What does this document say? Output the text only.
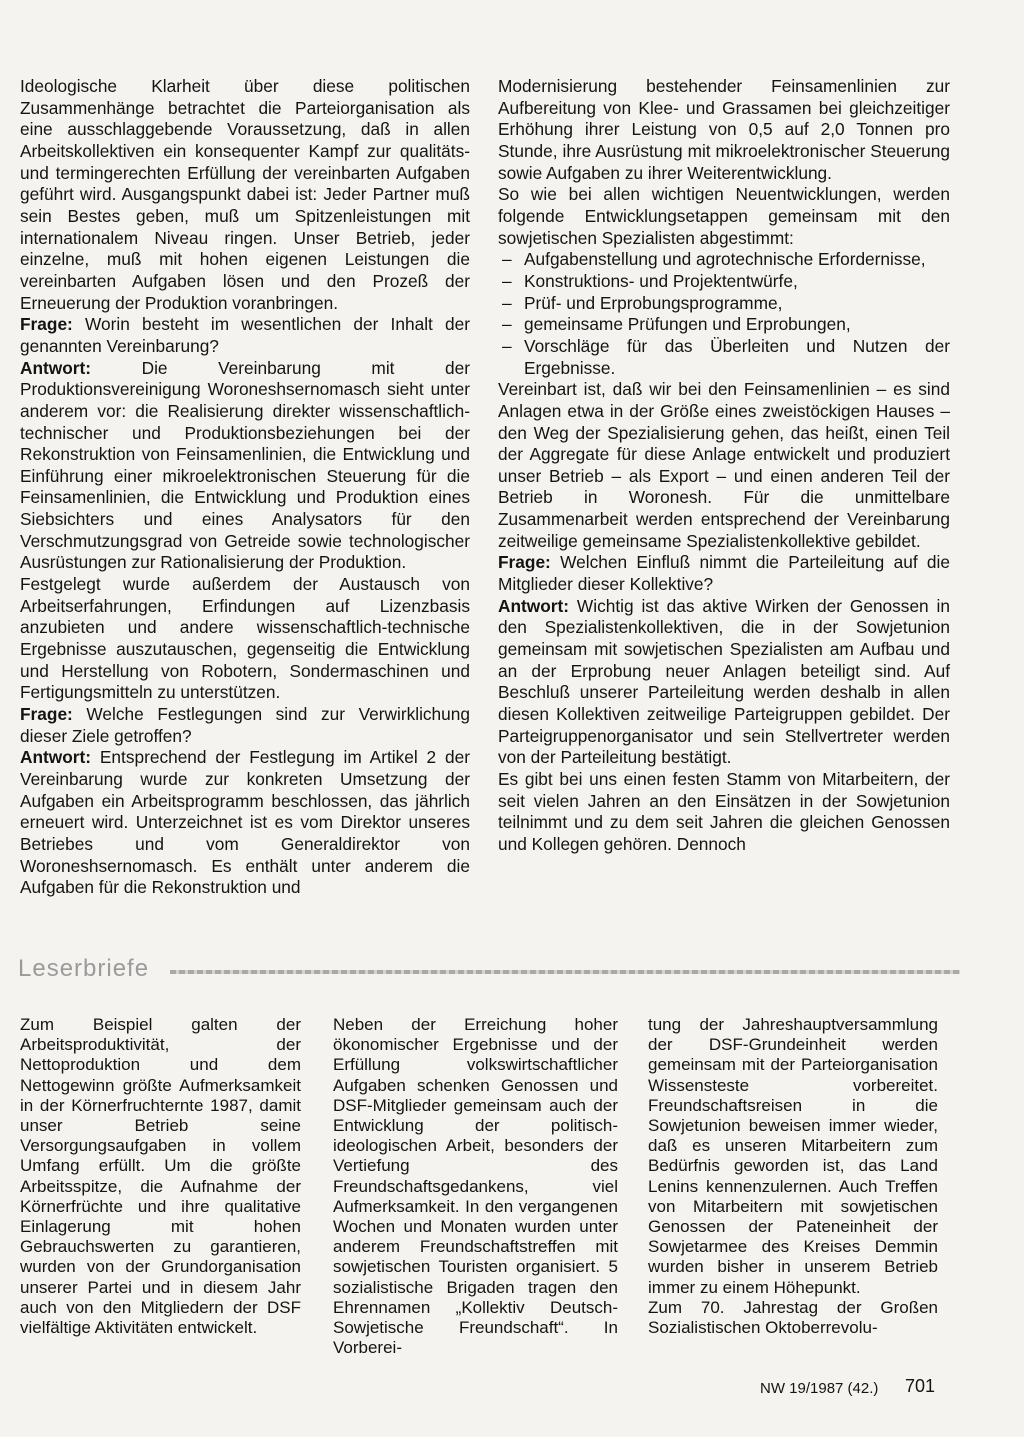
Ideologische Klarheit über diese politischen Zusammenhänge betrachtet die Parteiorganisation als eine ausschlaggebende Voraussetzung, daß in allen Arbeitskollektiven ein konsequenter Kampf zur qualitäts- und termingerechten Erfüllung der vereinbarten Aufgaben geführt wird. Ausgangspunkt dabei ist: Jeder Partner muß sein Bestes geben, muß um Spitzenleistungen mit internationalem Niveau ringen. Unser Betrieb, jeder einzelne, muß mit hohen eigenen Leistungen die vereinbarten Aufgaben lösen und den Prozeß der Erneuerung der Produktion voranbringen.

Frage: Worin besteht im wesentlichen der Inhalt der genannten Vereinbarung?

Antwort: Die Vereinbarung mit der Produktionsvereinigung Woroneshsernomasch sieht unter anderem vor: die Realisierung direkter wissenschaftlich-technischer und Produktionsbeziehungen bei der Rekonstruktion von Feinsamenlinien, die Entwicklung und Einführung einer mikroelektronischen Steuerung für die Feinsamenlinien, die Entwicklung und Produktion eines Siebsichters und eines Analysators für den Verschmutzungsgrad von Getreide sowie technologischer Ausrüstungen zur Rationalisierung der Produktion.

Festgelegt wurde außerdem der Austausch von Arbeitserfahrungen, Erfindungen auf Lizenzbasis anzubieten und andere wissenschaftlich-technische Ergebnisse auszutauschen, gegenseitig die Entwicklung und Herstellung von Robotern, Sondermaschinen und Fertigungsmitteln zu unterstützen.

Frage: Welche Festlegungen sind zur Verwirklichung dieser Ziele getroffen?

Antwort: Entsprechend der Festlegung im Artikel 2 der Vereinbarung wurde zur konkreten Umsetzung der Aufgaben ein Arbeitsprogramm beschlossen, das jährlich erneuert wird. Unterzeichnet ist es vom Direktor unseres Betriebes und vom Generaldirektor von Woroneshsernomasch. Es enthält unter anderem die Aufgaben für die Rekonstruktion und

Modernisierung bestehender Feinsamenlinien zur Aufbereitung von Klee- und Grassamen bei gleichzeitiger Erhöhung ihrer Leistung von 0,5 auf 2,0 Tonnen pro Stunde, ihre Ausrüstung mit mikroelektronischer Steuerung sowie Aufgaben zu ihrer Weiterentwicklung.

So wie bei allen wichtigen Neuentwicklungen, werden folgende Entwicklungsetappen gemeinsam mit den sowjetischen Spezialisten abgestimmt:

– Aufgabenstellung und agrotechnische Erfordernisse,
– Konstruktions- und Projektentwürfe,
– Prüf- und Erprobungsprogramme,
– gemeinsame Prüfungen und Erprobungen,
– Vorschläge für das Überleiten und Nutzen der Ergebnisse.

Vereinbart ist, daß wir bei den Feinsamenlinien – es sind Anlagen etwa in der Größe eines zweistöckigen Hauses – den Weg der Spezialisierung gehen, das heißt, einen Teil der Aggregate für diese Anlage entwickelt und produziert unser Betrieb – als Export – und einen anderen Teil der Betrieb in Woronesh. Für die unmittelbare Zusammenarbeit werden entsprechend der Vereinbarung zeitweilige gemeinsame Spezialistenkollektive gebildet.

Frage: Welchen Einfluß nimmt die Parteileitung auf die Mitglieder dieser Kollektive?

Antwort: Wichtig ist das aktive Wirken der Genossen in den Spezialistenkollektiven, die in der Sowjetunion gemeinsam mit sowjetischen Spezialisten am Aufbau und an der Erprobung neuer Anlagen beteiligt sind. Auf Beschluß unserer Parteileitung werden deshalb in allen diesen Kollektiven zeitweilige Parteigruppen gebildet. Der Parteigruppenorganisator und sein Stellvertreter werden von der Parteileitung bestätigt.

Es gibt bei uns einen festen Stamm von Mitarbeitern, der seit vielen Jahren an den Einsätzen in der Sowjetunion teilnimmt und zu dem seit Jahren die gleichen Genossen und Kollegen gehören. Dennoch

Leserbriefe

Zum Beispiel galten der Arbeitsproduktivität, der Nettoproduktion und dem Nettogewinn größte Aufmerksamkeit in der Körnerfruchternte 1987, damit unser Betrieb seine Versorgungsaufgaben in vollem Umfang erfüllt. Um die größte Arbeitsspitze, die Aufnahme der Körnerfrüchte und ihre qualitative Einlagerung mit hohen Gebrauchswerten zu garantieren, wurden von der Grundorganisation unserer Partei und in diesem Jahr auch von den Mitgliedern der DSF vielfältige Aktivitäten entwickelt.

Neben der Erreichung hoher ökonomischer Ergebnisse und der Erfüllung volkswirtschaftlicher Aufgaben schenken Genossen und DSF-Mitglieder gemeinsam auch der Entwicklung der politisch-ideologischen Arbeit, besonders der Vertiefung des Freundschaftsgedankens, viel Aufmerksamkeit. In den vergangenen Wochen und Monaten wurden unter anderem Freundschaftstreffen mit sowjetischen Touristen organisiert. 5 sozialistische Brigaden tragen den Ehrennamen „Kollektiv Deutsch-Sowjetische Freundschaft“. In Vorberei-

tung der Jahreshauptversammlung der DSF-Grundeinheit werden gemeinsam mit der Parteiorganisation Wissensteste vorbereitet. Freundschaftsreisen in die Sowjetunion beweisen immer wieder, daß es unseren Mitarbeitern zum Bedürfnis geworden ist, das Land Lenins kennenzulernen. Auch Treffen von Mitarbeitern mit sowjetischen Genossen der Pateneinheit der Sowjetarmee des Kreises Demmin wurden bisher in unserem Betrieb immer zu einem Höhepunkt.

Zum 70. Jahrestag der Großen Sozialistischen Oktoberrevolu-

NW 19/1987 (42.) 701
